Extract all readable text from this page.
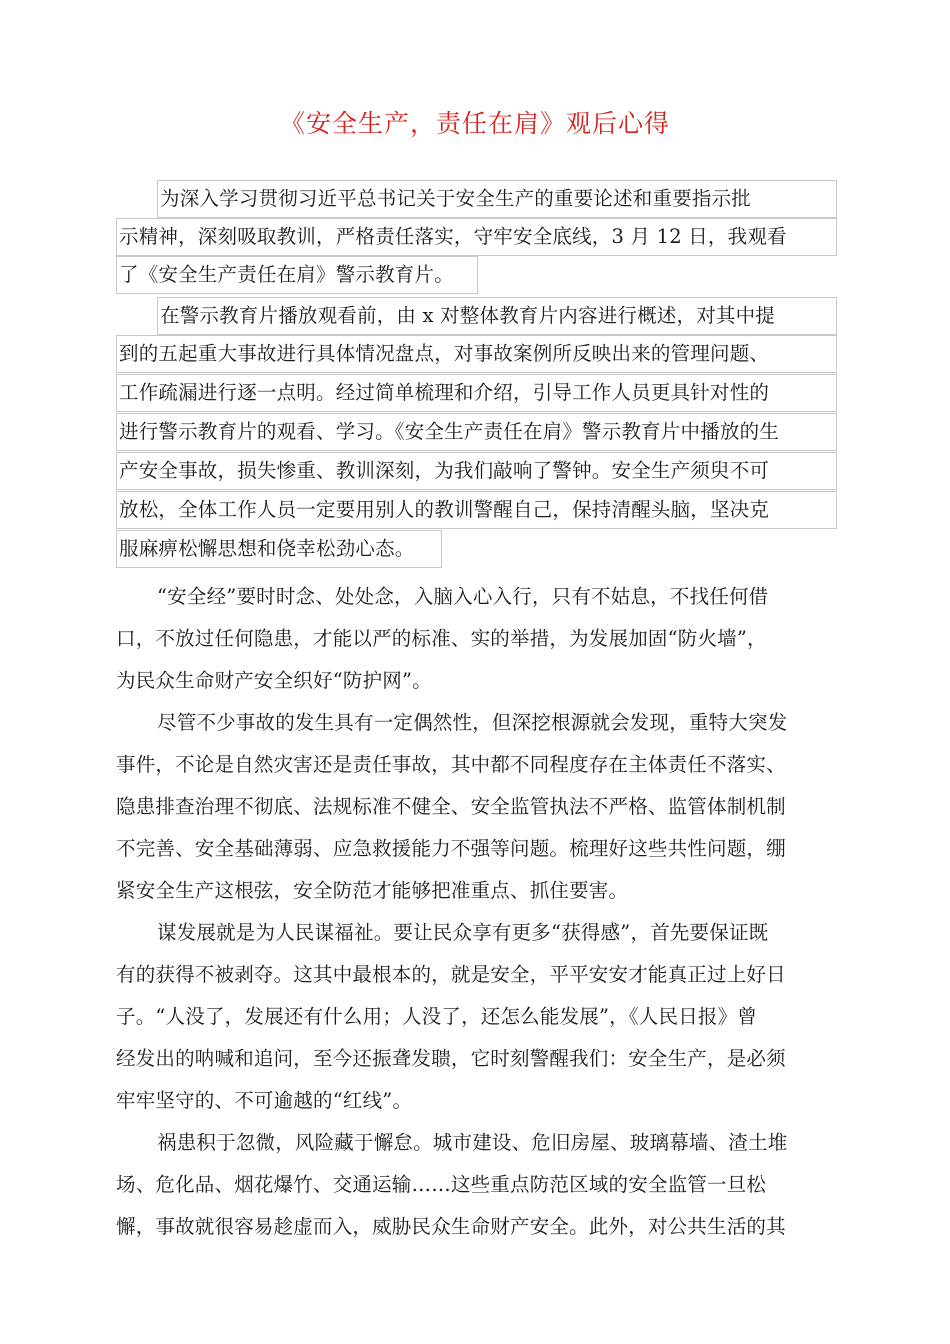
《安全生产，责任在肩》观后心得
为深入学习贯彻习近平总书记关于安全生产的重要论述和重要指示批
示精神，深刻吸取教训，严格责任落实，守牢安全底线，3 月 12 日，我观看
了《安全生产责任在肩》警示教育片。
在警示教育片播放观看前，由 x 对整体教育片内容进行概述，对其中提
到的五起重大事故进行具体情况盘点，对事故案例所反映出来的管理问题、
工作疏漏进行逐一点明。经过简单梳理和介绍，引导工作人员更具针对性的
进行警示教育片的观看、学习。《安全生产责任在肩》警示教育片中播放的生
产安全事故，损失惨重、教训深刻，为我们敲响了警钟。安全生产须臾不可
放松，全体工作人员一定要用别人的教训警醒自己，保持清醒头脑，坚决克
服麻痹松懈思想和侥幸松劲心态。
“安全经”要时时念、处处念，入脑入心入行，只有不姑息，不找任何借
口，不放过任何隐患，才能以严的标准、实的举措，为发展加固“防火墙”，
为民众生命财产安全织好“防护网”。
尽管不少事故的发生具有一定偶然性，但深挖根源就会发现，重特大突发
事件，不论是自然灾害还是责任事故，其中都不同程度存在主体责任不落实、
隐患排查治理不彻底、法规标准不健全、安全监管执法不严格、监管体制机制
不完善、安全基础薄弱、应急救援能力不强等问题。梳理好这些共性问题，绷
紧安全生产这根弦，安全防范才能够把准重点、抓住要害。
谋发展就是为人民谋福祉。要让民众享有更多“获得感”，首先要保证既
有的获得不被剥夺。这其中最根本的，就是安全，平平安安才能真正过上好日
子。“人没了，发展还有什么用；人没了，还怎么能发展”，《人民日报》曾
经发出的呐喊和追问，至今还振聋发聩，它时刻警醒我们：安全生产，是必须
牢牢坚守的、不可逾越的“红线”。
祸患积于忽微，风险藏于懈怠。城市建设、危旧房屋、玻璃幕墙、渣土堆
场、危化品、烟花爆竹、交通运输……这些重点防范区域的安全监管一旦松
懈，事故就很容易趁虚而入，威胁民众生命财产安全。此外，对公共生活的其
